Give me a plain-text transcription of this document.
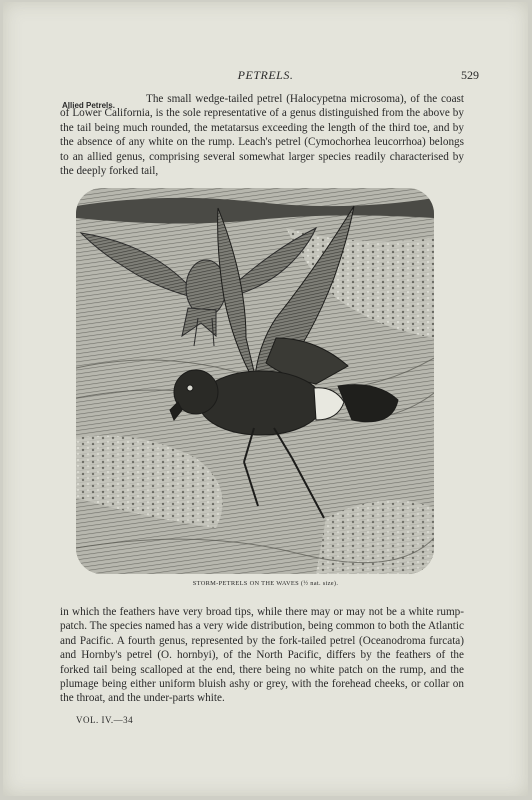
PETRELS.	529
Allied Petrels.

The small wedge-tailed petrel (Halocypetna microsoma), of the coast of Lower California, is the sole representative of a genus distinguished from the above by the tail being much rounded, the metatarsus exceeding the length of the third toe, and by the absence of any white on the rump. Leach's petrel (Cymochorhea leucorrhoa) belongs to an allied genus, comprising several somewhat larger species readily characterised by the deeply forked tail,

STORM-PETRELS ON THE WAVES (½ nat. size).

in which the feathers have very broad tips, while there may or may not be a white rump-patch. The species named has a very wide distribution, being common to both the Atlantic and Pacific. A fourth genus, represented by the fork-tailed petrel (Oceanodroma furcata) and Hornby's petrel (O. hornbyi), of the North Pacific, differs by the feathers of the forked tail being scalloped at the end, there being no white patch on the rump, and the plumage being either uniform bluish ashy or grey, with the forehead cheeks, or collar on the throat, and the under-parts white.

VOL. IV.—34
